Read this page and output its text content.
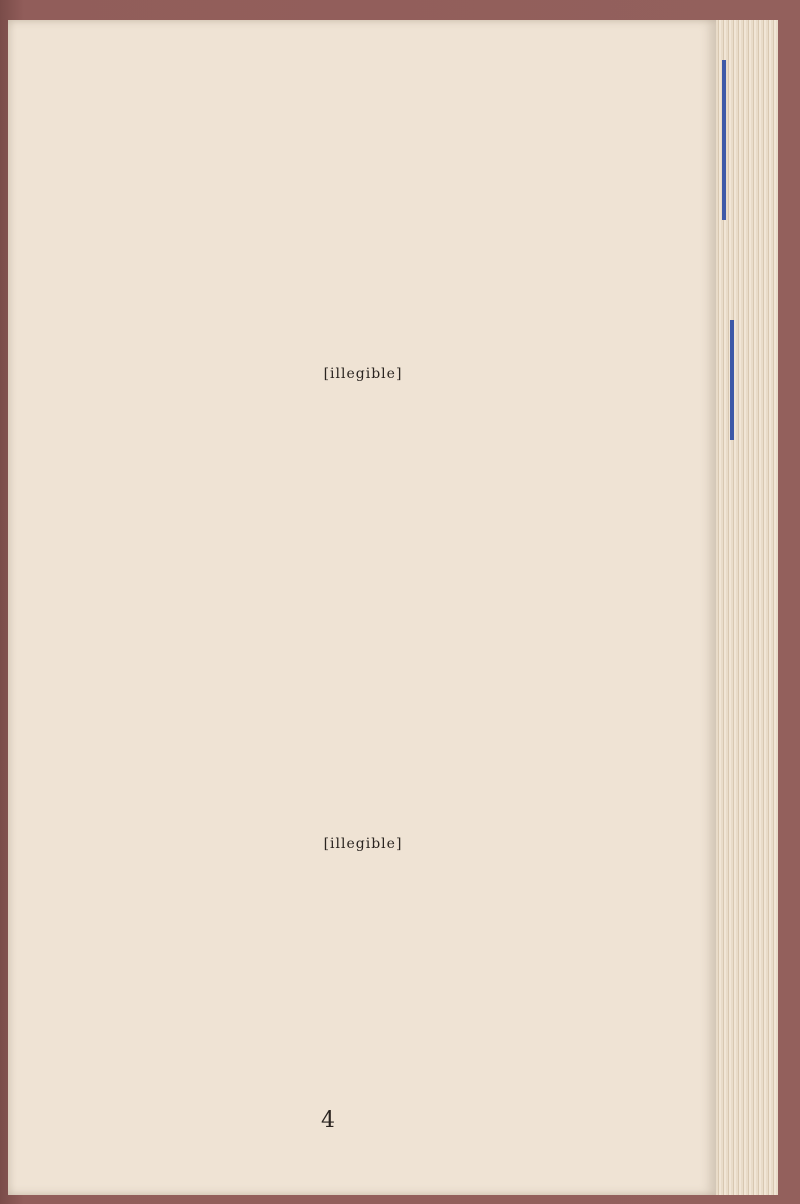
[illegible]
[illegible]
4
